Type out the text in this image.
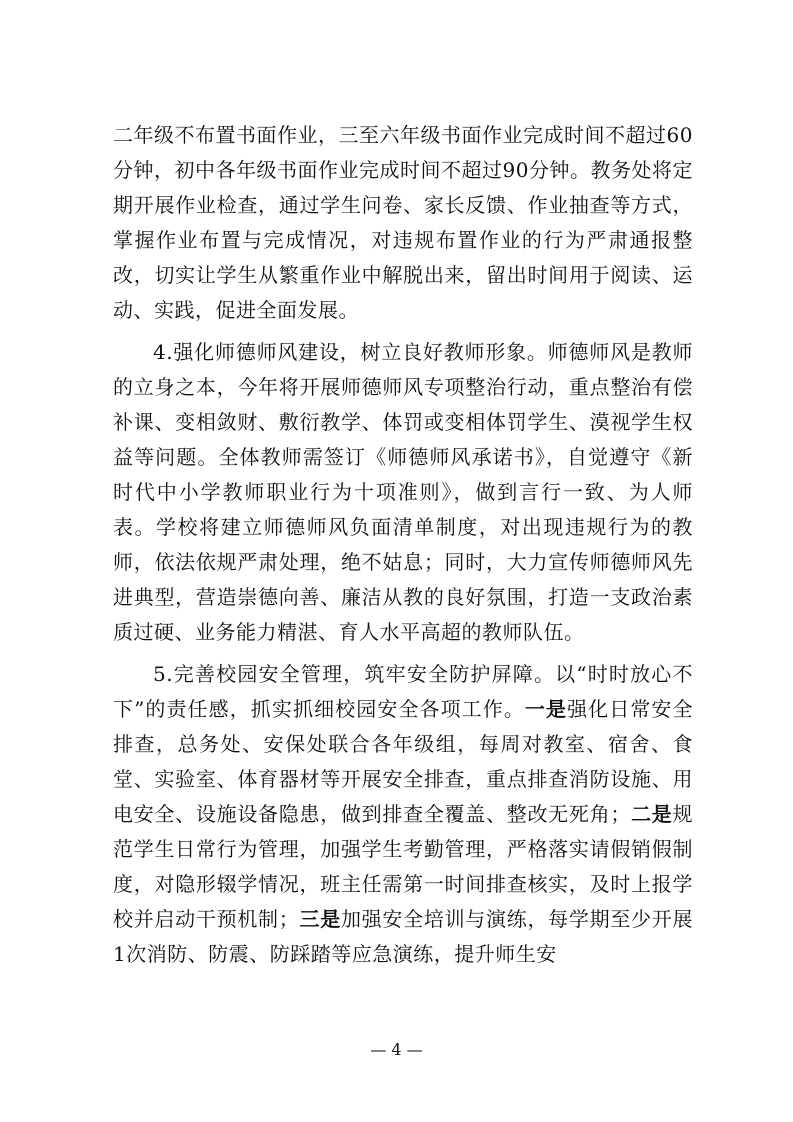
二年级不布置书面作业，三至六年级书面作业完成时间不超过60分钟，初中各年级书面作业完成时间不超过90分钟。教务处将定期开展作业检查，通过学生问卷、家长反馈、作业抽查等方式，掌握作业布置与完成情况，对违规布置作业的行为严肃通报整改，切实让学生从繁重作业中解脱出来，留出时间用于阅读、运动、实践，促进全面发展。

4.强化师德师风建设，树立良好教师形象。师德师风是教师的立身之本，今年将开展师德师风专项整治行动，重点整治有偿补课、变相敛财、敷衍教学、体罚或变相体罚学生、漠视学生权益等问题。全体教师需签订《师德师风承诺书》，自觉遵守《新时代中小学教师职业行为十项准则》，做到言行一致、为人师表。学校将建立师德师风负面清单制度，对出现违规行为的教师，依法依规严肃处理，绝不姑息；同时，大力宣传师德师风先进典型，营造崇德向善、廉洁从教的良好氛围，打造一支政治素质过硬、业务能力精湛、育人水平高超的教师队伍。

5.完善校园安全管理，筑牢安全防护屏障。以“时时放心不下”的责任感，抓实抓细校园安全各项工作。一是强化日常安全排查，总务处、安保处联合各年级组，每周对教室、宿舍、食堂、实验室、体育器材等开展安全排查，重点排查消防设施、用电安全、设施设备隐患，做到排查全覆盖、整改无死角；二是规范学生日常行为管理，加强学生考勤管理，严格落实请假销假制度，对隐形辍学情况，班主任需第一时间排查核实，及时上报学校并启动干预机制；三是加强安全培训与演练，每学期至少开展1次消防、防震、防踩踏等应急演练，提升师生安

— 4 —
